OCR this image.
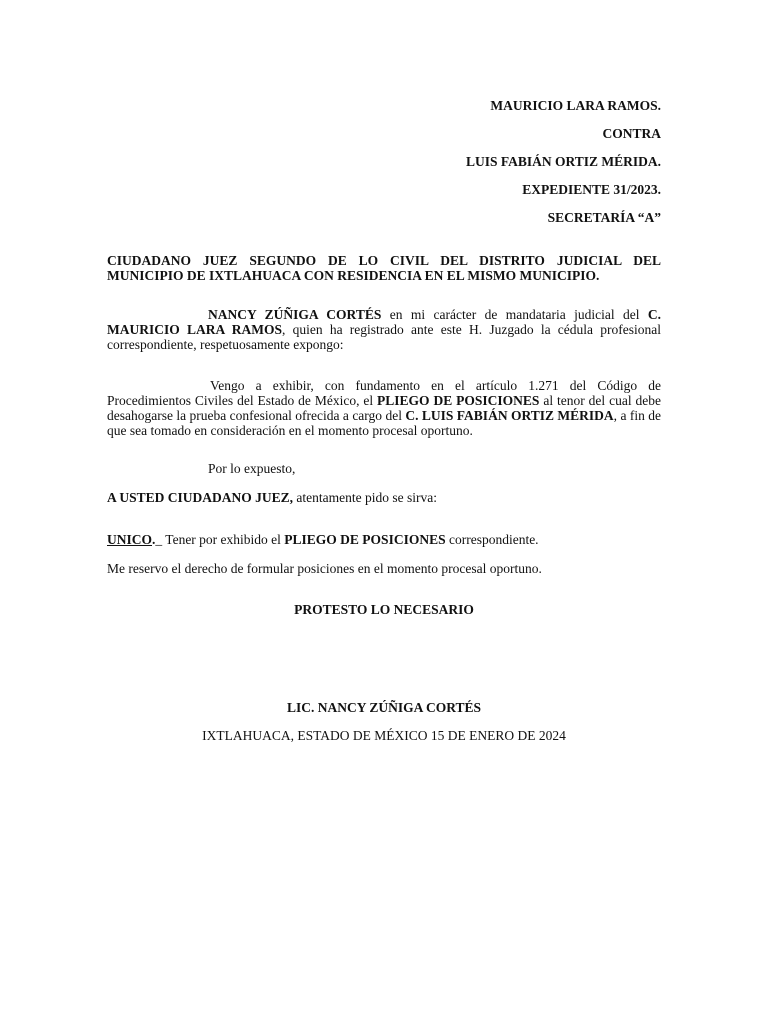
MAURICIO LARA RAMOS.
CONTRA
LUIS FABIÁN ORTIZ MÉRIDA.
EXPEDIENTE 31/2023.
SECRETARÍA “A”
CIUDADANO JUEZ SEGUNDO DE LO CIVIL DEL DISTRITO JUDICIAL DEL MUNICIPIO DE IXTLAHUACA CON RESIDENCIA EN EL MISMO MUNICIPIO.
NANCY ZÚÑIGA CORTÉS en mi carácter de mandataria judicial del C. MAURICIO LARA RAMOS, quien ha registrado ante este H. Juzgado la cédula profesional correspondiente, respetuosamente expongo:
Vengo a exhibir, con fundamento en el artículo 1.271 del Código de Procedimientos Civiles del Estado de México, el PLIEGO DE POSICIONES al tenor del cual debe desahogarse la prueba confesional ofrecida a cargo del C. LUIS FABIÁN ORTIZ MÉRIDA, a fin de que sea tomado en consideración en el momento procesal oportuno.
Por lo expuesto,
A USTED CIUDADANO JUEZ, atentamente pido se sirva:
UNICO._ Tener por exhibido el PLIEGO DE POSICIONES correspondiente.
Me reservo el derecho de formular posiciones en el momento procesal oportuno.
PROTESTO LO NECESARIO
LIC. NANCY ZÚÑIGA CORTÉS
IXTLAHUACA, ESTADO DE MÉXICO 15 DE ENERO DE 2024
